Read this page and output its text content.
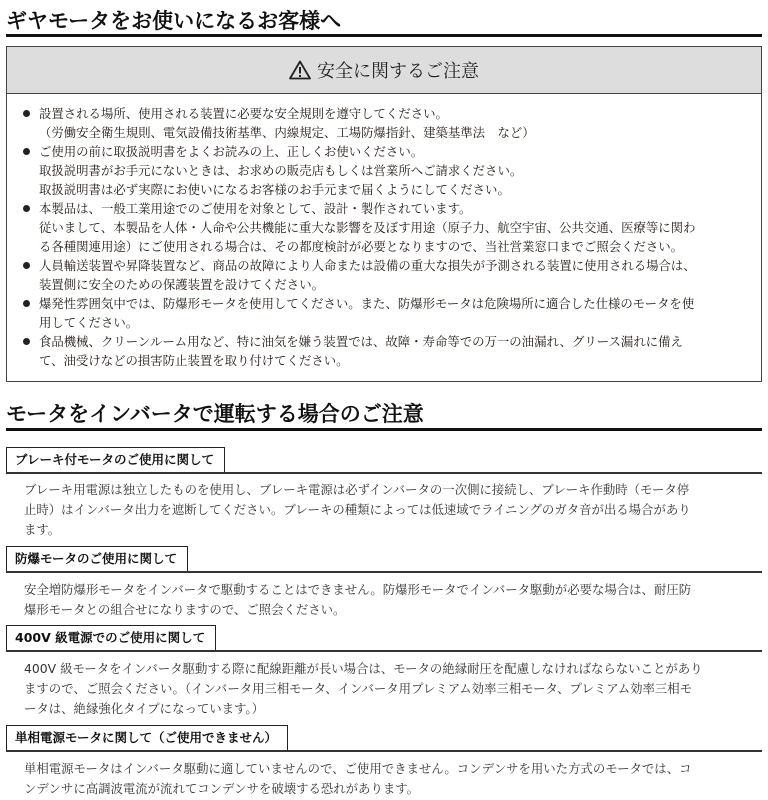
ギヤモータをお使いになるお客様へ
安全に関するご注意
設置される場所、使用される装置に必要な安全規則を遵守してください。
（労働安全衛生規則、電気設備技術基準、内線規定、工場防爆指針、建築基準法　など）
ご使用の前に取扱説明書をよくお読みの上、正しくお使いください。
取扱説明書がお手元にないときは、お求めの販売店もしくは営業所へご請求ください。
取扱説明書は必ず実際にお使いになるお客様のお手元まで届くようにしてください。
本製品は、一般工業用途でのご使用を対象として、設計・製作されています。
従いまして、本製品を人体・人命や公共機能に重大な影響を及ぼす用途（原子力、航空宇宙、公共交通、医療等に関わ
る各種関連用途）にご使用される場合は、その都度検討が必要となりますので、当社営業窓口までご照会ください。
人員輸送装置や昇降装置など、商品の故障により人命または設備の重大な損失が予測される装置に使用される場合は、
装置側に安全のための保護装置を設けてください。
爆発性雰囲気中では、防爆形モータを使用してください。また、防爆形モータは危険場所に適合した仕様のモータを使
用してください。
食品機械、クリーンルーム用など、特に油気を嫌う装置では、故障・寿命等での万一の油漏れ、グリース漏れに備え
て、油受けなどの損害防止装置を取り付けてください。
モータをインバータで運転する場合のご注意
ブレーキ付モータのご使用に関して
ブレーキ用電源は独立したものを使用し、ブレーキ電源は必ずインバータの一次側に接続し、ブレーキ作動時（モータ停
止時）はインバータ出力を遮断してください。ブレーキの種類によっては低速域でライニングのガタ音が出る場合があり
ます。
防爆モータのご使用に関して
安全増防爆形モータをインバータで駆動することはできません。防爆形モータでインバータ駆動が必要な場合は、耐圧防
爆形モータとの組合せになりますので、ご照会ください。
400V 級電源でのご使用に関して
400V 級モータをインバータ駆動する際に配線距離が長い場合は、モータの絶縁耐圧を配慮しなければならないことがあり
ますので、ご照会ください。（インバータ用三相モータ、インバータ用プレミアム効率三相モータ、プレミアム効率三相モ
ータは、絶縁強化タイプになっています。）
単相電源モータに関して（ご使用できません）
単相電源モータはインバータ駆動に適していませんので、ご使用できません。コンデンサを用いた方式のモータでは、コ
ンデンサに高調波電流が流れてコンデンサを破壊する恐れがあります。
